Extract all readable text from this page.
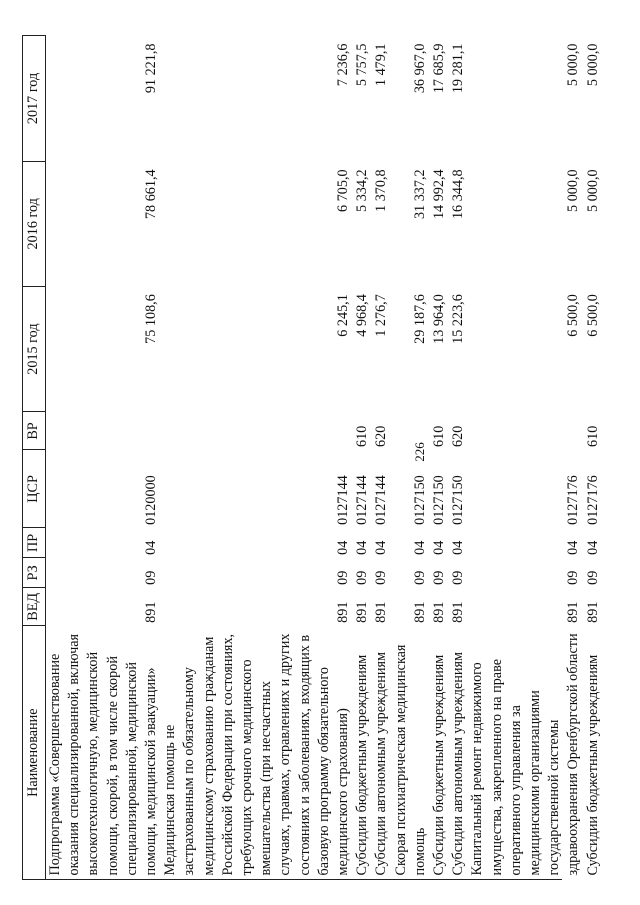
226
Наименование	ВЕД	РЗ	ПР	ЦСР	ВР	2015 год	2016 год	2017 год
Подпрограмма «Совершенствование оказания специализированной, включая высокотехнологичную, медицинской помощи, скорой, в том числе скорой специализированной, медицинской помощи, медицинской эвакуации»	891	09	04	0120000		75 108,6	78 661,4	91 221,8
Медицинская помощь не застрахованным по обязательному медицинскому страхованию гражданам Российской Федерации при состояниях, требующих срочного медицинского вмешательства (при несчастных случаях, травмах, отравлениях и других состояниях и заболеваниях, входящих в базовую программу обязательного медицинского страхования)	891	09	04	0127144		6 245,1	6 705,0	7 236,6
Субсидии бюджетным учреждениям	891	09	04	0127144	610	4 968,4	5 334,2	5 757,5
Субсидии автономным учреждениям	891	09	04	0127144	620	1 276,7	1 370,8	1 479,1
Скорая психиатрическая медицинская помощь	891	09	04	0127150		29 187,6	31 337,2	36 967,0
Субсидии бюджетным учреждениям	891	09	04	0127150	610	13 964,0	14 992,4	17 685,9
Субсидии автономным учреждениям	891	09	04	0127150	620	15 223,6	16 344,8	19 281,1
Капитальный ремонт недвижимого имущества, закрепленного на праве оперативного управления за медицинскими организациями государственной системы здравоохранения Оренбургской области	891	09	04	0127176		6 500,0	5 000,0	5 000,0
Субсидии бюджетным учреждениям	891	09	04	0127176	610	6 500,0	5 000,0	5 000,0
